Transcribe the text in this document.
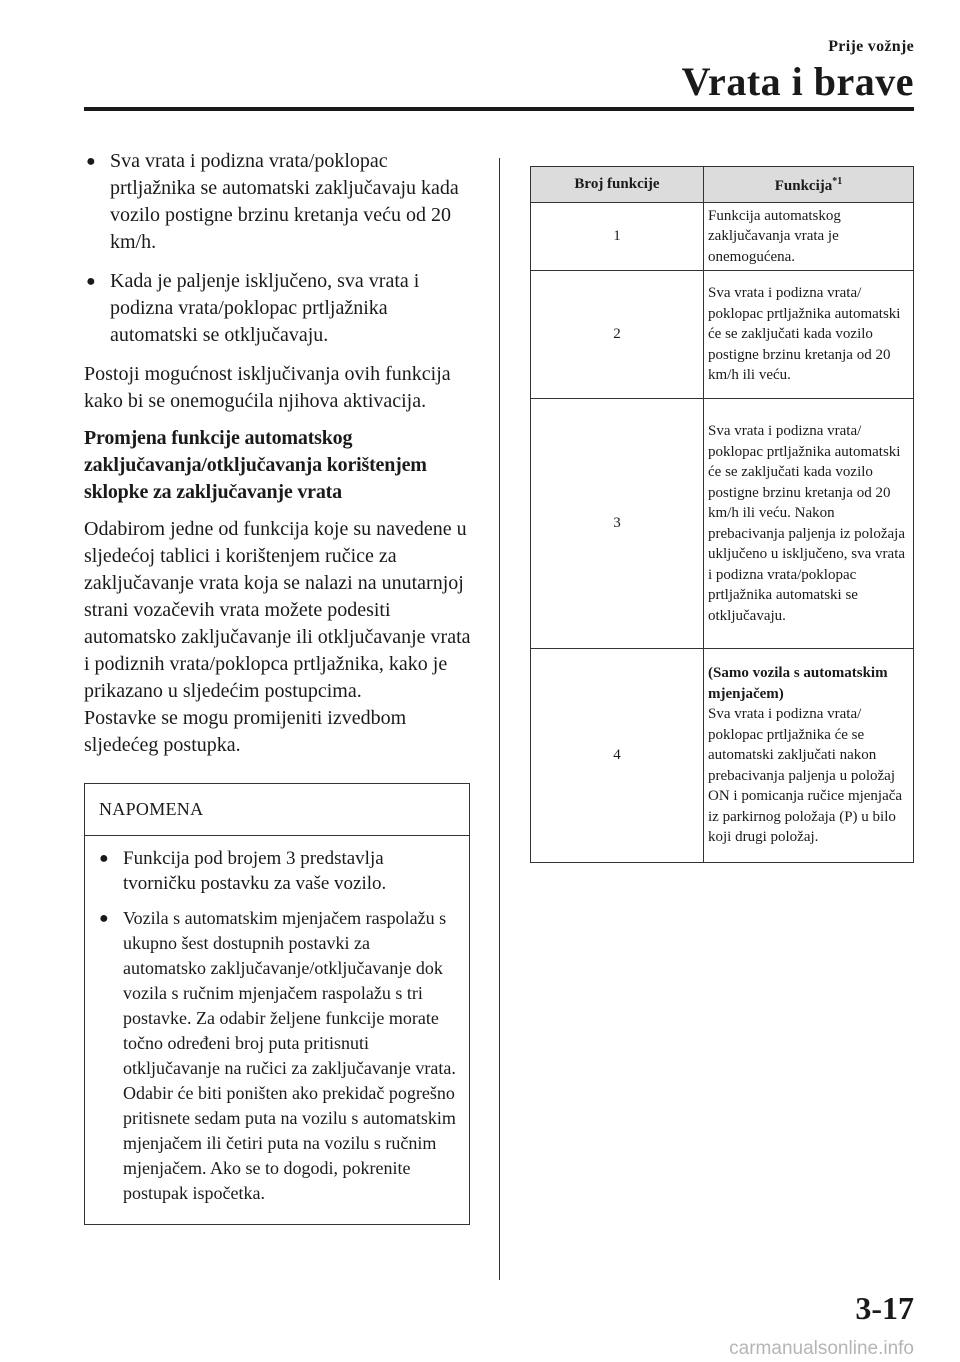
Prije vožnje
Vrata i brave
● Sva vrata i podizna vrata/poklopac prtljažnika se automatski zaključavaju kada vozilo postigne brzinu kretanja veću od 20 km/h.
● Kada je paljenje isključeno, sva vrata i podizna vrata/poklopac prtljažnika automatski se otključavaju.

Postoji mogućnost isključivanja ovih funkcija kako bi se onemogućila njihova aktivacija.

Promjena funkcije automatskog zaključavanja/otključavanja korištenjem sklopke za zaključavanje vrata

Odabirom jedne od funkcija koje su navedene u sljedećoj tablici i korištenjem ručice za zaključavanje vrata koja se nalazi na unutarnjoj strani vozačevih vrata možete podesiti automatsko zaključavanje ili otključavanje vrata i podiznih vrata/poklopca prtljažnika, kako je prikazano u sljedećim postupcima.

Postavke se mogu promijeniti izvedbom sljedećeg postupka.

NAPOMENA
● Funkcija pod brojem 3 predstavlja tvorničku postavku za vaše vozilo.
● Vozila s automatskim mjenjačem raspolažu s ukupno šest dostupnih postavki za automatsko zaključavanje/otključavanje dok vozila s ručnim mjenjačem raspolažu s tri postavke. Za odabir željene funkcije morate točno određeni broj puta pritisnuti otključavanje na ručici za zaključavanje vrata. Odabir će biti poništen ako prekidač pogrešno pritisnete sedam puta na vozilu s automatskim mjenjačem ili četiri puta na vozilu s ručnim mjenjačem. Ako se to dogodi, pokrenite postupak ispočetka.
Broj funkcije	Funkcija$^{*1}$
1	Funkcija automatskog zaključavanja vrata je onemogućena.
2	Sva vrata i podizna vrata/ poklopac prtljažnika automatski će se zaključati kada vozilo postigne brzinu kretanja od 20 km/h ili veću.
3	Sva vrata i podizna vrata/ poklopac prtljažnika automatski će se zaključati kada vozilo postigne brzinu kretanja od 20 km/h ili veću. Nakon prebacivanja paljenja iz položaja uključeno u isključeno, sva vrata i podizna vrata/poklopac prtljažnika automatski se otključavaju.
4	(Samo vozila s automatskim mjenjačem)
Sva vrata i podizna vrata/ poklopac prtljažnika će se automatski zaključati nakon prebacivanja paljenja u položaj ON i pomicanja ručice mjenjača iz parkirnog položaja (P) u bilo koji drugi položaj.
3-17
carmanualsonline.info
